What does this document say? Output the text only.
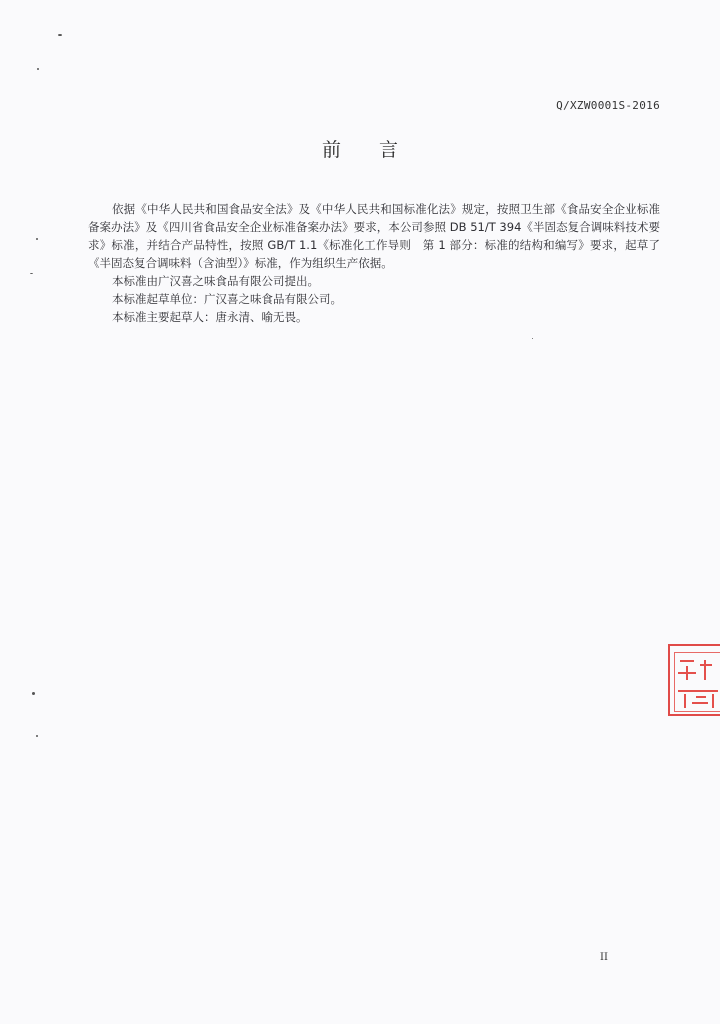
Q/XZW0001S-2016
前言

依据《中华人民共和国食品安全法》及《中华人民共和国标准化法》规定，按照卫生部《食品安全企业标准备案办法》及《四川省食品安全企业标准备案办法》要求，本公司参照 DB 51/T 394《半固态复合调味料技术要求》标准，并结合产品特性，按照 GB/T 1.1《标准化工作导则　第 1 部分：标准的结构和编写》要求，起草了《半固态复合调味料（含油型）》标准，作为组织生产依据。

本标准由广汉喜之味食品有限公司提出。

本标准起草单位：广汉喜之味食品有限公司。

本标准主要起草人：唐永清、喻无畏。

II
